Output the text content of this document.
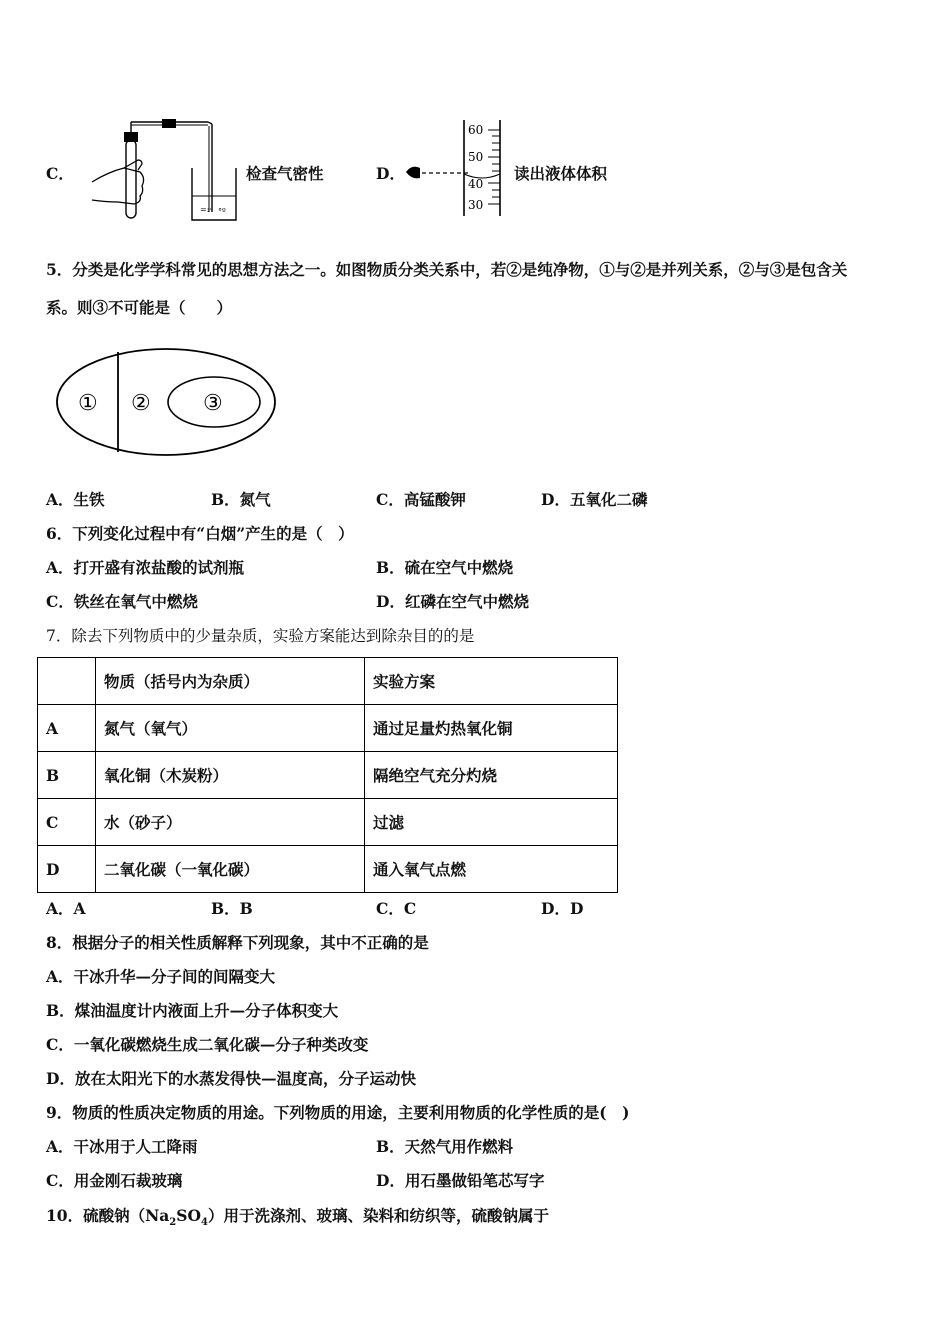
C．
=:· °º
检查气密性	D．
60
50
40
30
读出液体体积
5．分类是化学学科常见的思想方法之一。如图物质分类关系中，若②是纯净物，①与②是并列关系，②与③是包含关
系。则③不可能是（　　）
① ② ③
A．生铁	B．氮气	C．高锰酸钾	D．五氧化二磷
6．下列变化过程中有“白烟”产生的是（　）
A．打开盛有浓盐酸的试剂瓶	B．硫在空气中燃烧
C．铁丝在氧气中燃烧	D．红磷在空气中燃烧
7．除去下列物质中的少量杂质，实验方案能达到除杂目的的是
	物质（括号内为杂质）	实验方案
A	氮气（氧气）	通过足量灼热氧化铜
B	氧化铜（木炭粉）	隔绝空气充分灼烧
C	水（砂子）	过滤
D	二氧化碳（一氧化碳）	通入氧气点燃
A．A	B．B	C．C	D．D
8．根据分子的相关性质解释下列现象，其中不正确的是
A．干冰升华—分子间的间隔变大
B．煤油温度计内液面上升—分子体积变大
C．一氧化碳燃烧生成二氧化碳—分子种类改变
D．放在太阳光下的水蒸发得快—温度高，分子运动快
9．物质的性质决定物质的用途。下列物质的用途，主要利用物质的化学性质的是(　)
A．干冰用于人工降雨	B．天然气用作燃料
C．用金刚石裁玻璃	D．用石墨做铅笔芯写字
10．硫酸钠$(Na_2SO_4)$用于洗涤剂、玻璃、染料和纺织等，硫酸钠属于
